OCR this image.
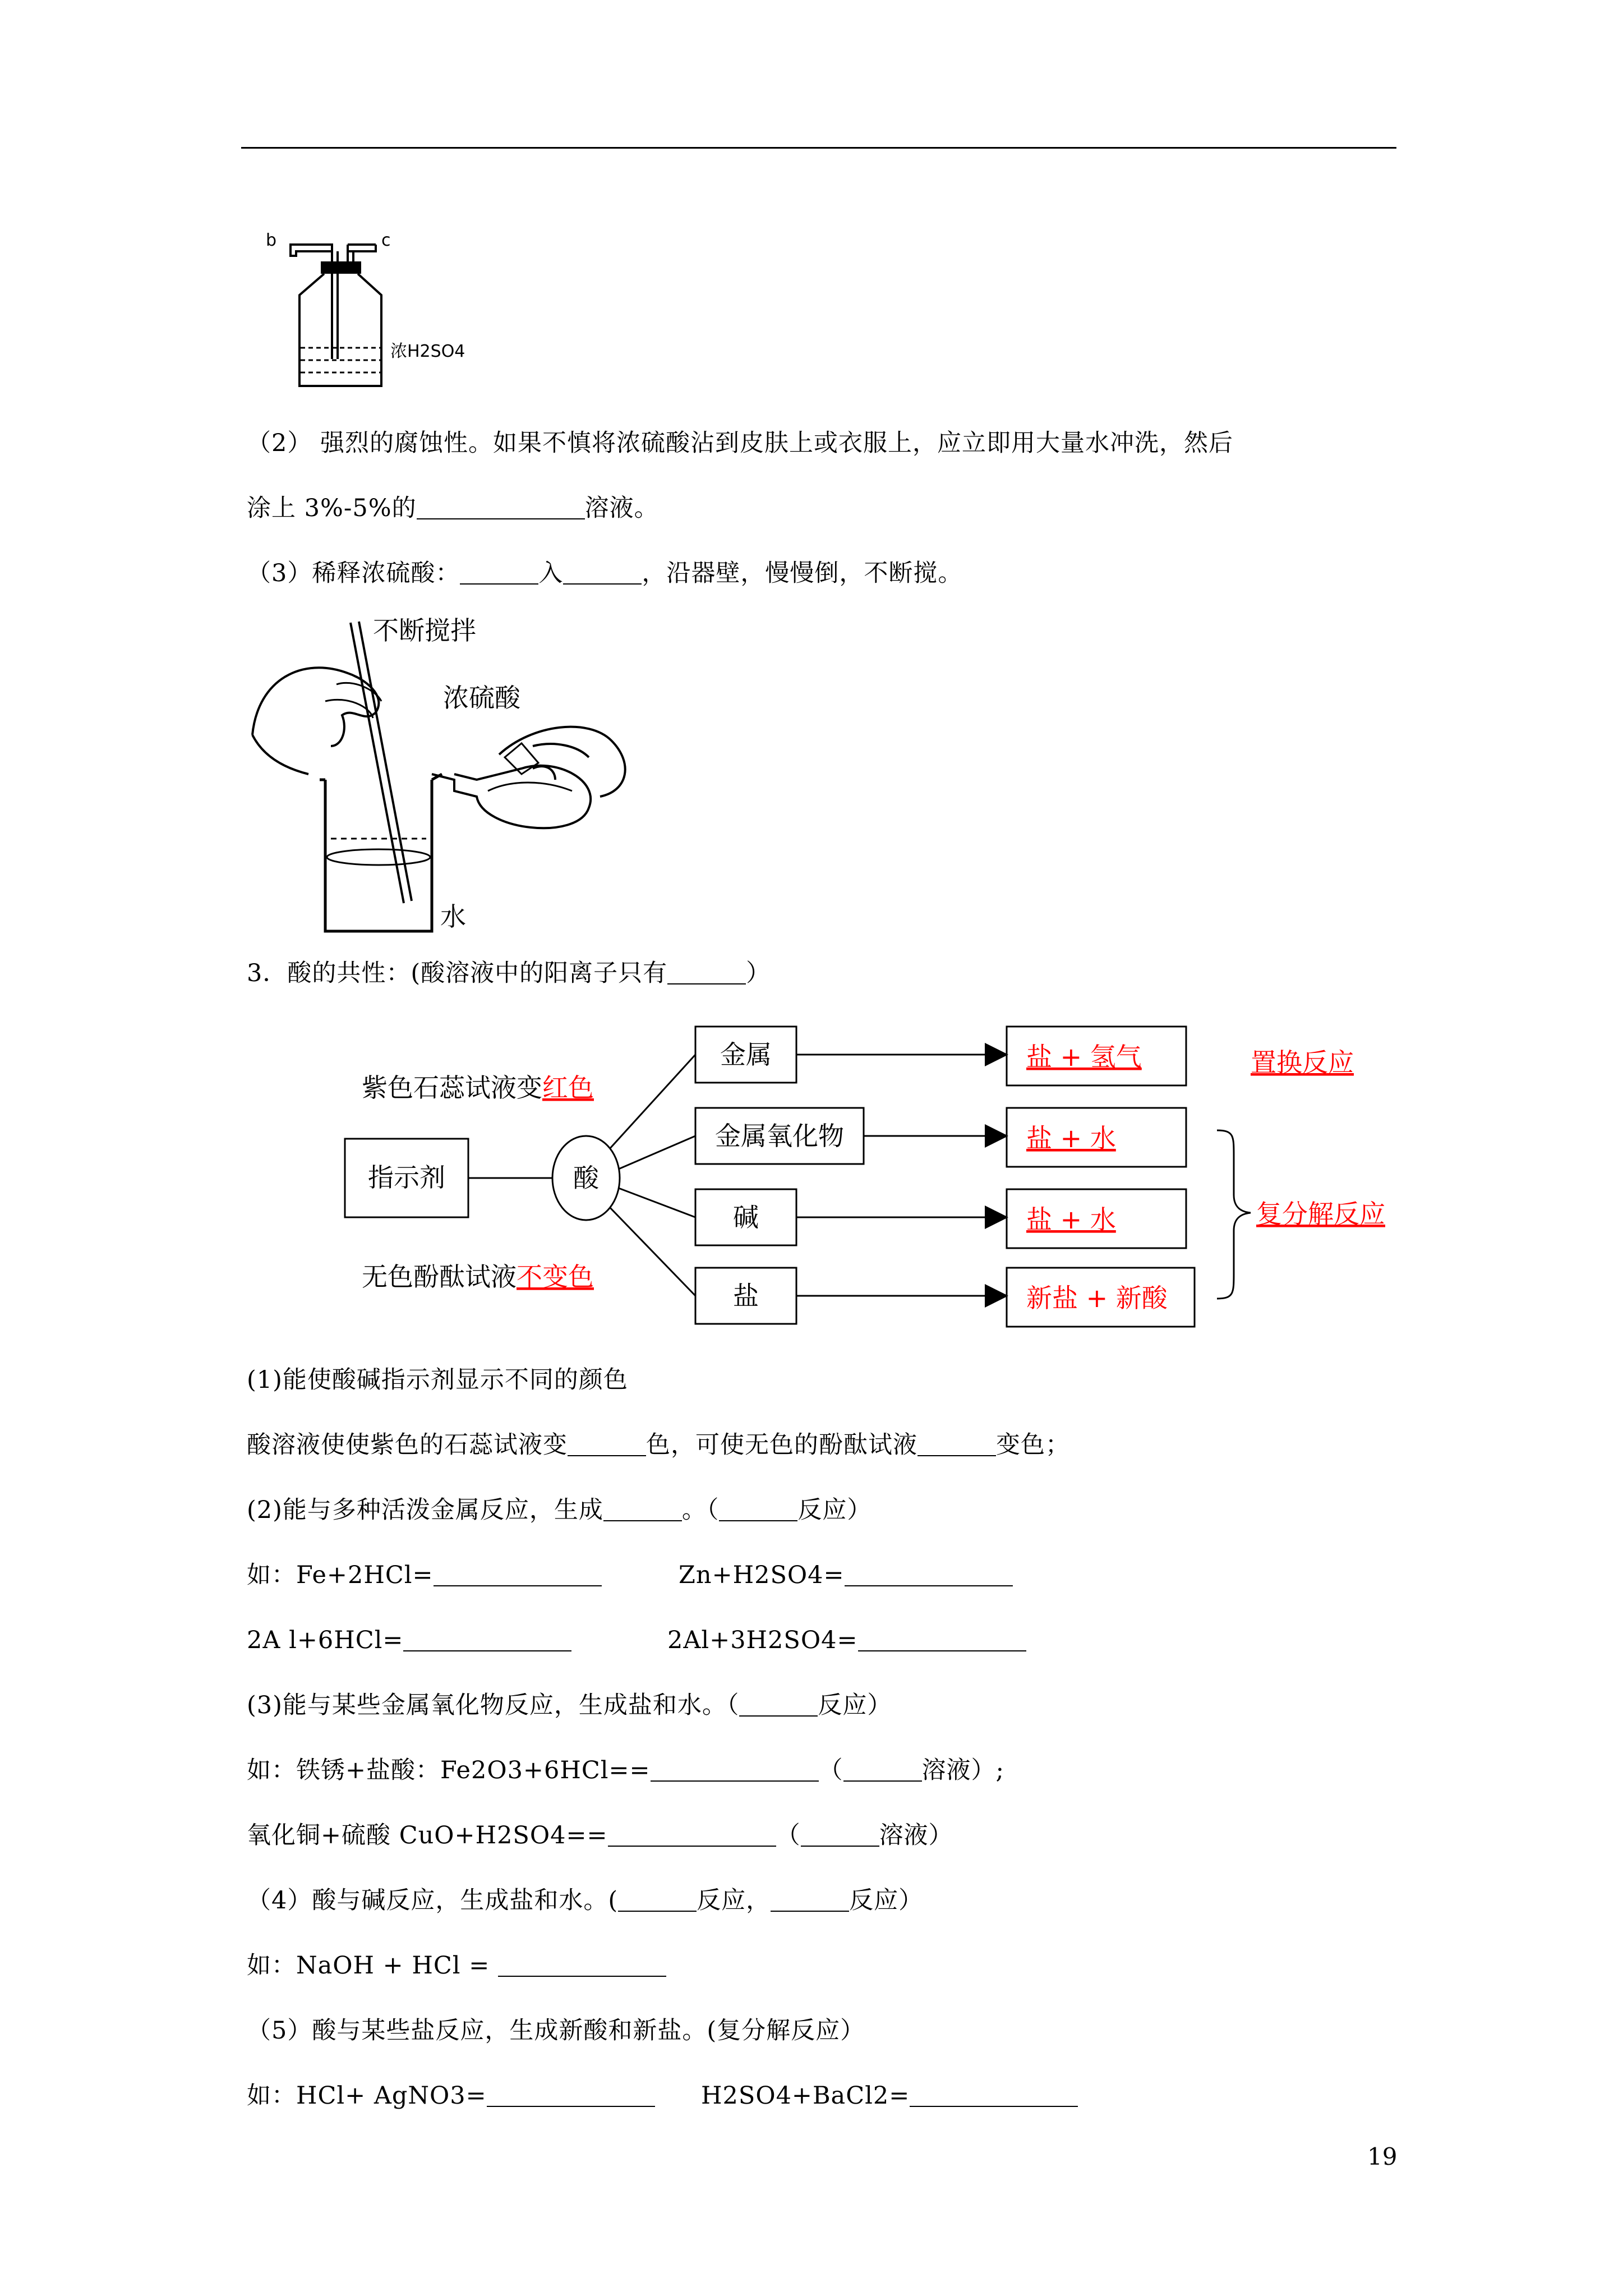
b	c
浓H2SO4
（2） 强烈的腐蚀性。如果不慎将浓硫酸沾到皮肤上或衣服上，应立即用大量水冲洗，然后
涂上 3%-5%的	溶液。
（3）稀释浓硫酸：	入	，沿器壁，慢慢倒，不断搅。
不断搅拌
浓硫酸
水
3．酸的共性：(酸溶液中的阳离子只有	）
紫色石蕊试液变红色
指示剂	酸
无色酚酞试液不变色
金属
金属氧化物
碱
盐
盐 + 氢气
盐 + 水
盐 + 水
新盐 + 新酸
置换反应
复分解反应
(1)能使酸碱指示剂显示不同的颜色
酸溶液使使紫色的石蕊试液变	色，可使无色的酚酞试液	变色；
(2)能与多种活泼金属反应，生成	。（	反应）
如：Fe+2HCl=	Zn+H2SO4=
2A l+6HCl=	2Al+3H2SO4=
(3)能与某些金属氧化物反应，生成盐和水。（	反应）
如：铁锈+盐酸：Fe2O3+6HCl==	（	溶液）;
氧化铜+硫酸 CuO+H2SO4==	（	溶液）
（4）酸与碱反应，生成盐和水。(	反应，	反应）
如：NaOH + HCl =
（5）酸与某些盐反应，生成新酸和新盐。(复分解反应）
如：HCl+ AgNO3=	H2SO4+BaCl2=
19
